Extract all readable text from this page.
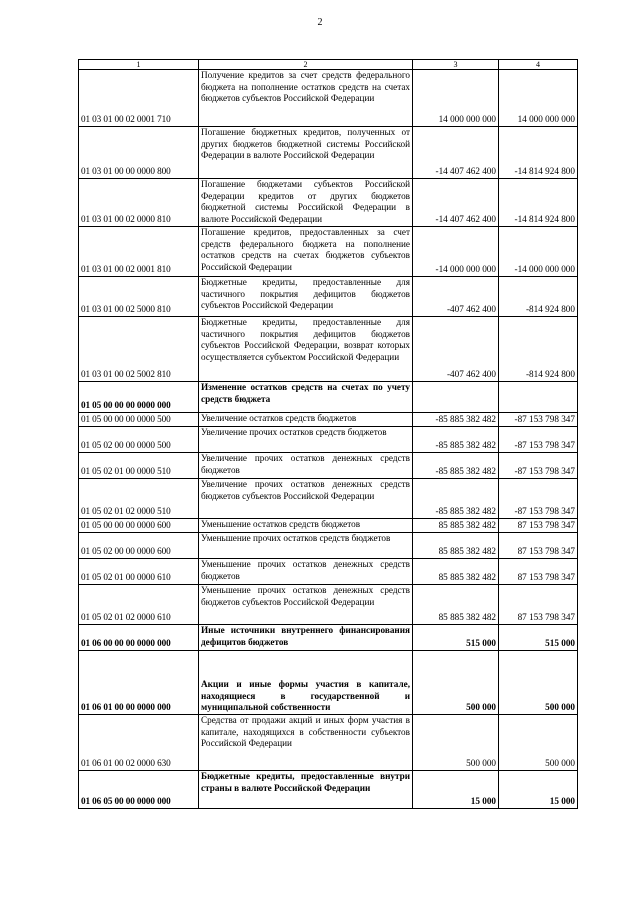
2
1	2	3	4
01 03 01 00 02 0001 710	Получение кредитов за счет средств федерального бюджета на пополнение остатков средств на счетах бюджетов субъектов Российской Федерации	14 000 000 000	14 000 000 000
01 03 01 00 00 0000 800	Погашение бюджетных кредитов, полученных от других бюджетов бюджетной системы Российской Федерации в валюте Российской Федерации	-14 407 462 400	-14 814 924 800
01 03 01 00 02 0000 810	Погашение бюджетами субъектов Российской Федерации кредитов от других бюджетов бюджетной системы Российской Федерации в валюте Российской Федерации	-14 407 462 400	-14 814 924 800
01 03 01 00 02 0001 810	Погашение кредитов, предоставленных за счет средств федерального бюджета на пополнение остатков средств на счетах бюджетов субъектов Российской Федерации	-14 000 000 000	-14 000 000 000
01 03 01 00 02 5000 810	Бюджетные кредиты, предоставленные для частичного покрытия дефицитов бюджетов субъектов Российской Федерации	-407 462 400	-814 924 800
01 03 01 00 02 5002 810	Бюджетные кредиты, предоставленные для частичного покрытия дефицитов бюджетов субъектов Российской Федерации, возврат которых осуществляется субъектом Российской Федерации	-407 462 400	-814 924 800
01 05 00 00 00 0000 000	Изменение остатков средств на счетах по учету средств бюджета		
01 05 00 00 00 0000 500	Увеличение остатков средств бюджетов	-85 885 382 482	-87 153 798 347
01 05 02 00 00 0000 500	Увеличение прочих остатков средств бюджетов	-85 885 382 482	-87 153 798 347
01 05 02 01 00 0000 510	Увеличение прочих остатков денежных средств бюджетов	-85 885 382 482	-87 153 798 347
01 05 02 01 02 0000 510	Увеличение прочих остатков денежных средств бюджетов субъектов Российской Федерации	-85 885 382 482	-87 153 798 347
01 05 00 00 00 0000 600	Уменьшение остатков средств бюджетов	85 885 382 482	87 153 798 347
01 05 02 00 00 0000 600	Уменьшение прочих остатков средств бюджетов	85 885 382 482	87 153 798 347
01 05 02 01 00 0000 610	Уменьшение прочих остатков денежных средств бюджетов	85 885 382 482	87 153 798 347
01 05 02 01 02 0000 610	Уменьшение прочих остатков денежных средств бюджетов субъектов Российской Федерации	85 885 382 482	87 153 798 347
01 06 00 00 00 0000 000	Иные источники внутреннего финансирования дефицитов бюджетов	515 000	515 000
01 06 01 00 00 0000 000	Акции и иные формы участия в капитале, находящиеся в государственной и муниципальной собственности	500 000	500 000
01 06 01 00 02 0000 630	Средства от продажи акций и иных форм участия в капитале, находящихся в собственности субъектов Российской Федерации	500 000	500 000
01 06 05 00 00 0000 000	Бюджетные кредиты, предоставленные внутри страны в валюте Российской Федерации	15 000	15 000
